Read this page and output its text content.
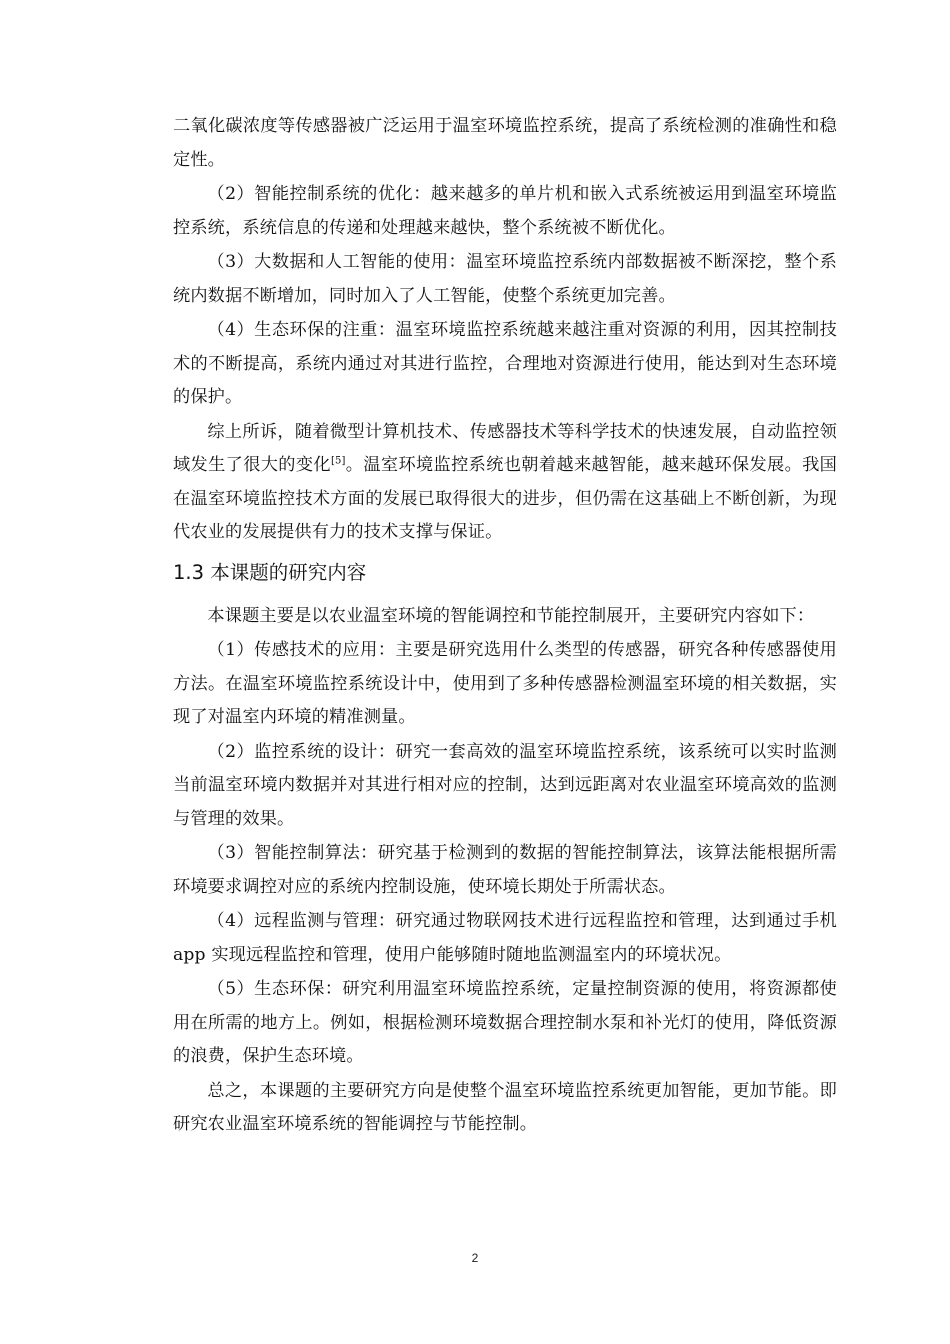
二氧化碳浓度等传感器被广泛运用于温室环境监控系统，提高了系统检测的准确性和稳定性。

（2）智能控制系统的优化：越来越多的单片机和嵌入式系统被运用到温室环境监控系统，系统信息的传递和处理越来越快，整个系统被不断优化。

（3）大数据和人工智能的使用：温室环境监控系统内部数据被不断深挖，整个系统内数据不断增加，同时加入了人工智能，使整个系统更加完善。

（4）生态环保的注重：温室环境监控系统越来越注重对资源的利用，因其控制技术的不断提高，系统内通过对其进行监控，合理地对资源进行使用，能达到对生态环境的保护。

综上所诉，随着微型计算机技术、传感器技术等科学技术的快速发展，自动监控领域发生了很大的变化[5]。温室环境监控系统也朝着越来越智能，越来越环保发展。我国在温室环境监控技术方面的发展已取得很大的进步，但仍需在这基础上不断创新，为现代农业的发展提供有力的技术支撑与保证。

1.3 本课题的研究内容

本课题主要是以农业温室环境的智能调控和节能控制展开，主要研究内容如下：

（1）传感技术的应用：主要是研究选用什么类型的传感器，研究各种传感器使用方法。在温室环境监控系统设计中，使用到了多种传感器检测温室环境的相关数据，实现了对温室内环境的精准测量。

（2）监控系统的设计：研究一套高效的温室环境监控系统，该系统可以实时监测当前温室环境内数据并对其进行相对应的控制，达到远距离对农业温室环境高效的监测与管理的效果。

（3）智能控制算法：研究基于检测到的数据的智能控制算法，该算法能根据所需环境要求调控对应的系统内控制设施，使环境长期处于所需状态。

（4）远程监测与管理：研究通过物联网技术进行远程监控和管理，达到通过手机 app 实现远程监控和管理，使用户能够随时随地监测温室内的环境状况。

（5）生态环保：研究利用温室环境监控系统，定量控制资源的使用，将资源都使用在所需的地方上。例如，根据检测环境数据合理控制水泵和补光灯的使用，降低资源的浪费，保护生态环境。

总之，本课题的主要研究方向是使整个温室环境监控系统更加智能，更加节能。即研究农业温室环境系统的智能调控与节能控制。

2
